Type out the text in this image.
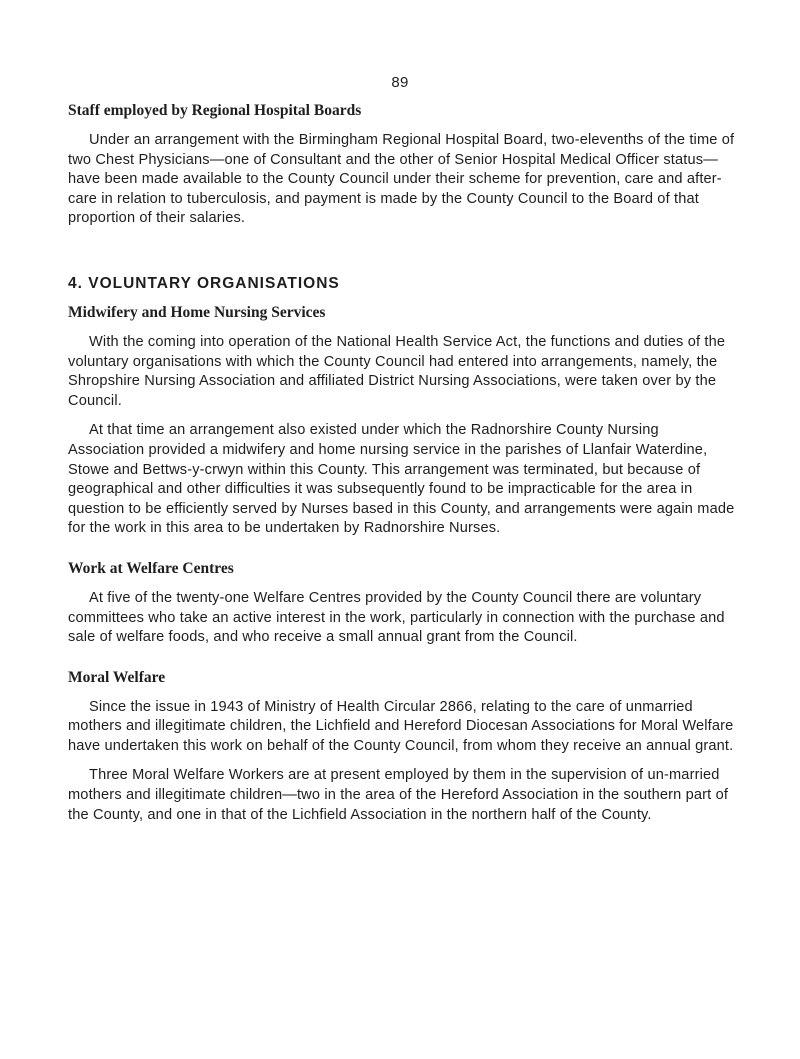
89
Staff employed by Regional Hospital Boards

Under an arrangement with the Birmingham Regional Hospital Board, two-elevenths of the time of two Chest Physicians—one of Consultant and the other of Senior Hospital Medical Officer status—have been made available to the County Council under their scheme for prevention, care and after-care in relation to tuberculosis, and payment is made by the County Council to the Board of that proportion of their salaries.

4. VOLUNTARY ORGANISATIONS
Midwifery and Home Nursing Services

With the coming into operation of the National Health Service Act, the functions and duties of the voluntary organisations with which the County Council had entered into arrangements, namely, the Shropshire Nursing Association and affiliated District Nursing Associations, were taken over by the Council.

At that time an arrangement also existed under which the Radnorshire County Nursing Association provided a midwifery and home nursing service in the parishes of Llanfair Waterdine, Stowe and Bettws-y-crwyn within this County. This arrangement was terminated, but because of geographical and other difficulties it was subsequently found to be impracticable for the area in question to be efficiently served by Nurses based in this County, and arrangements were again made for the work in this area to be undertaken by Radnorshire Nurses.

Work at Welfare Centres

At five of the twenty-one Welfare Centres provided by the County Council there are voluntary committees who take an active interest in the work, particularly in connection with the purchase and sale of welfare foods, and who receive a small annual grant from the Council.

Moral Welfare

Since the issue in 1943 of Ministry of Health Circular 2866, relating to the care of unmarried mothers and illegitimate children, the Lichfield and Hereford Diocesan Associations for Moral Welfare have undertaken this work on behalf of the County Council, from whom they receive an annual grant.

Three Moral Welfare Workers are at present employed by them in the supervision of un-married mothers and illegitimate children—two in the area of the Hereford Association in the southern part of the County, and one in that of the Lichfield Association in the northern half of the County.
